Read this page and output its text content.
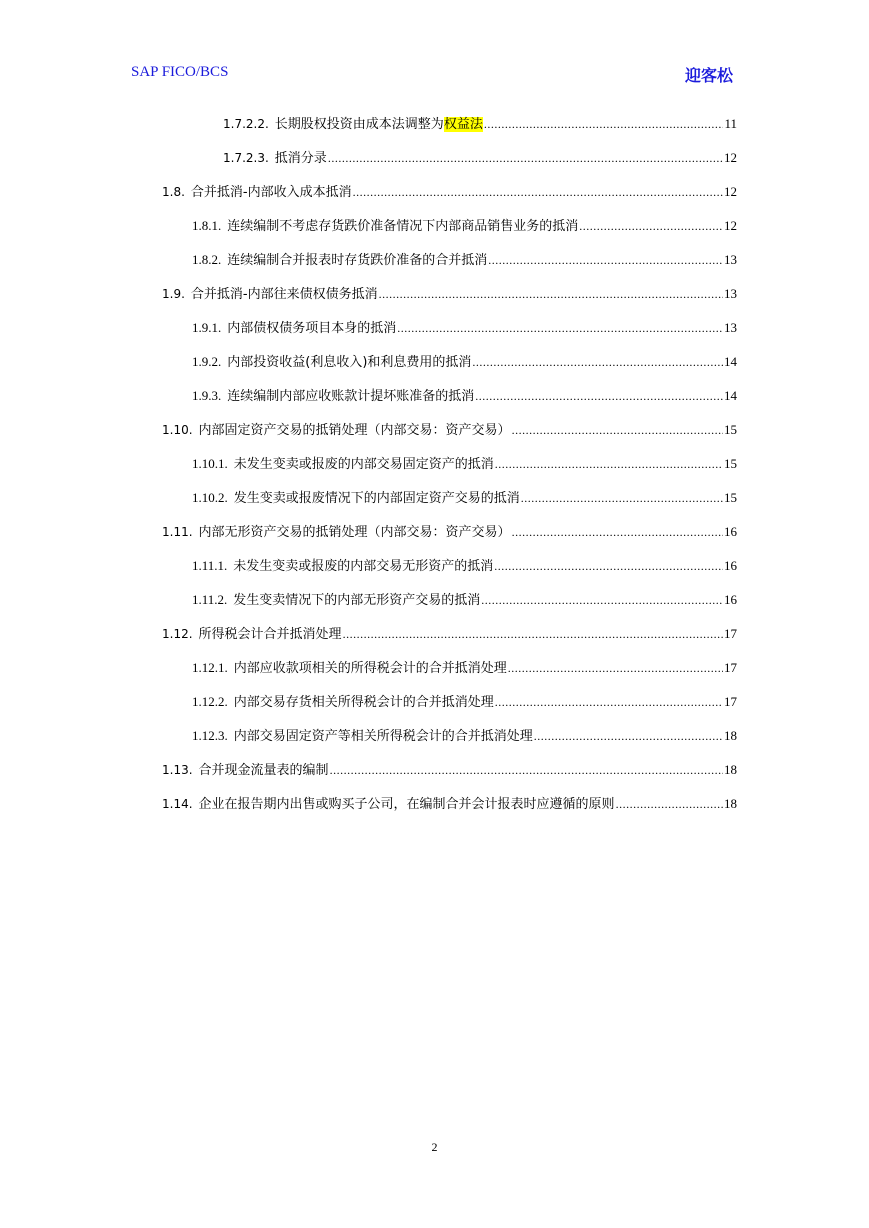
SAP FICO/BCS	迎客松
1.7.2.2. 长期股权投资由成本法调整为权益法 .....	11
1.7.2.3. 抵消分录 .....	12
1.8. 合并抵消-内部收入成本抵消 .....	12
1.8.1. 连续编制不考虑存货跌价准备情况下内部商品销售业务的抵消 .....	12
1.8.2. 连续编制合并报表时存货跌价准备的合并抵消 .....	13
1.9. 合并抵消-内部往来债权债务抵消 .....	13
1.9.1. 内部债权债务项目本身的抵消 .....	13
1.9.2. 内部投资收益(利息收入)和利息费用的抵消 .....	14
1.9.3. 连续编制内部应收账款计提坏账准备的抵消 .....	14
1.10. 内部固定资产交易的抵销处理（内部交易：资产交易） .....	15
1.10.1. 未发生变卖或报废的内部交易固定资产的抵消 .....	15
1.10.2. 发生变卖或报废情况下的内部固定资产交易的抵消 .....	15
1.11. 内部无形资产交易的抵销处理（内部交易：资产交易） .....	16
1.11.1. 未发生变卖或报废的内部交易无形资产的抵消 .....	16
1.11.2. 发生变卖情况下的内部无形资产交易的抵消 .....	16
1.12. 所得税会计合并抵消处理 .....	17
1.12.1. 内部应收款项相关的所得税会计的合并抵消处理 .....	17
1.12.2. 内部交易存货相关所得税会计的合并抵消处理 .....	17
1.12.3. 内部交易固定资产等相关所得税会计的合并抵消处理 .....	18
1.13. 合并现金流量表的编制 .....	18
1.14. 企业在报告期内出售或购买子公司，在编制合并会计报表时应遵循的原则 .....	18
2
